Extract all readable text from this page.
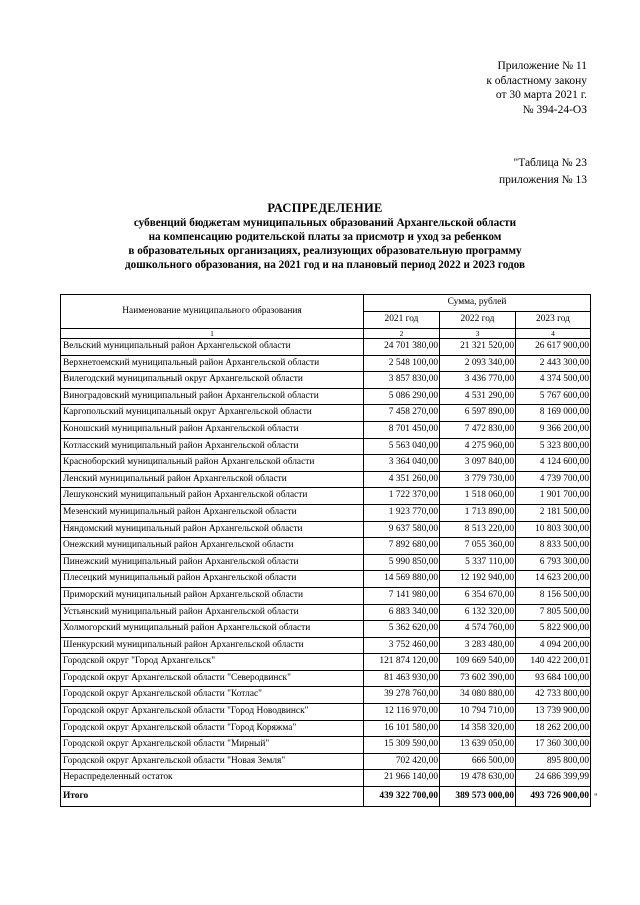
Приложение № 11
к областному закону
от 30 марта 2021 г.
№ 394-24-ОЗ
"Таблица № 23
приложения № 13
РАСПРЕДЕЛЕНИЕ
субвенций бюджетам муниципальных образований Архангельской области
на компенсацию родительской платы за присмотр и уход за ребенком
в образовательных организациях, реализующих образовательную программу
дошкольного образования, на 2021 год и на плановый период 2022 и 2023 годов
Наименование муниципального образования	Сумма, рублей		
	2021 год	2022 год	2023 год
1	2	3	4
Вельский муниципальный район Архангельской области	24 701 380,00	21 321 520,00	26 617 900,00
Верхнетоемский муниципальный район Архангельской области	2 548 100,00	2 093 340,00	2 443 300,00
Вилегодский муниципальный округ Архангельской области	3 857 830,00	3 436 770,00	4 374 500,00
Виноградовский муниципальный район Архангельской области	5 086 290,00	4 531 290,00	5 767 600,00
Каргопольский муниципальный округ Архангельской области	7 458 270,00	6 597 890,00	8 169 000,00
Коношский муниципальный район Архангельской области	8 701 450,00	7 472 830,00	9 366 200,00
Котласский муниципальный район Архангельской области	5 563 040,00	4 275 960,00	5 323 800,00
Красноборский муниципальный район Архангельской области	3 364 040,00	3 097 840,00	4 124 600,00
Ленский муниципальный район Архангельской области	4 351 260,00	3 779 730,00	4 739 700,00
Лешуконский муниципальный район Архангельской области	1 722 370,00	1 518 060,00	1 901 700,00
Мезенский муниципальный район Архангельской области	1 923 770,00	1 713 890,00	2 181 500,00
Няндомский муниципальный район Архангельской области	9 637 580,00	8 513 220,00	10 803 300,00
Онежский муниципальный район Архангельской области	7 892 680,00	7 055 360,00	8 833 500,00
Пинежский муниципальный район Архангельской области	5 990 850,00	5 337 110,00	6 793 300,00
Плесецкий муниципальный район Архангельской области	14 569 880,00	12 192 940,00	14 623 200,00
Приморский муниципальный район Архангельской области	7 141 980,00	6 354 670,00	8 156 500,00
Устьянский муниципальный район Архангельской области	6 883 340,00	6 132 320,00	7 805 500,00
Холмогорский муниципальный район Архангельской области	5 362 620,00	4 574 760,00	5 822 900,00
Шенкурский муниципальный район Архангельской области	3 752 460,00	3 283 480,00	4 094 200,00
Городской округ "Город Архангельск"	121 874 120,00	109 669 540,00	140 422 200,01
Городской округ Архангельской области "Северодвинск"	81 463 930,00	73 602 390,00	93 684 100,00
Городской округ Архангельской области "Котлас"	39 278 760,00	34 080 880,00	42 733 800,00
Городской округ Архангельской области "Город Новодвинск"	12 116 970,00	10 794 710,00	13 739 900,00
Городской округ Архангельской области "Город Коряжма"	16 101 580,00	14 358 320,00	18 262 200,00
Городской округ Архангельской области "Мирный"	15 309 590,00	13 639 050,00	17 360 300,00
Городской округ Архангельской области "Новая Земля"	702 420,00	666 500,00	895 800,00
Нераспределенный остаток	21 966 140,00	19 478 630,00	24 686 399,99
Итого	439 322 700,00	389 573 000,00	493 726 900,00 "
